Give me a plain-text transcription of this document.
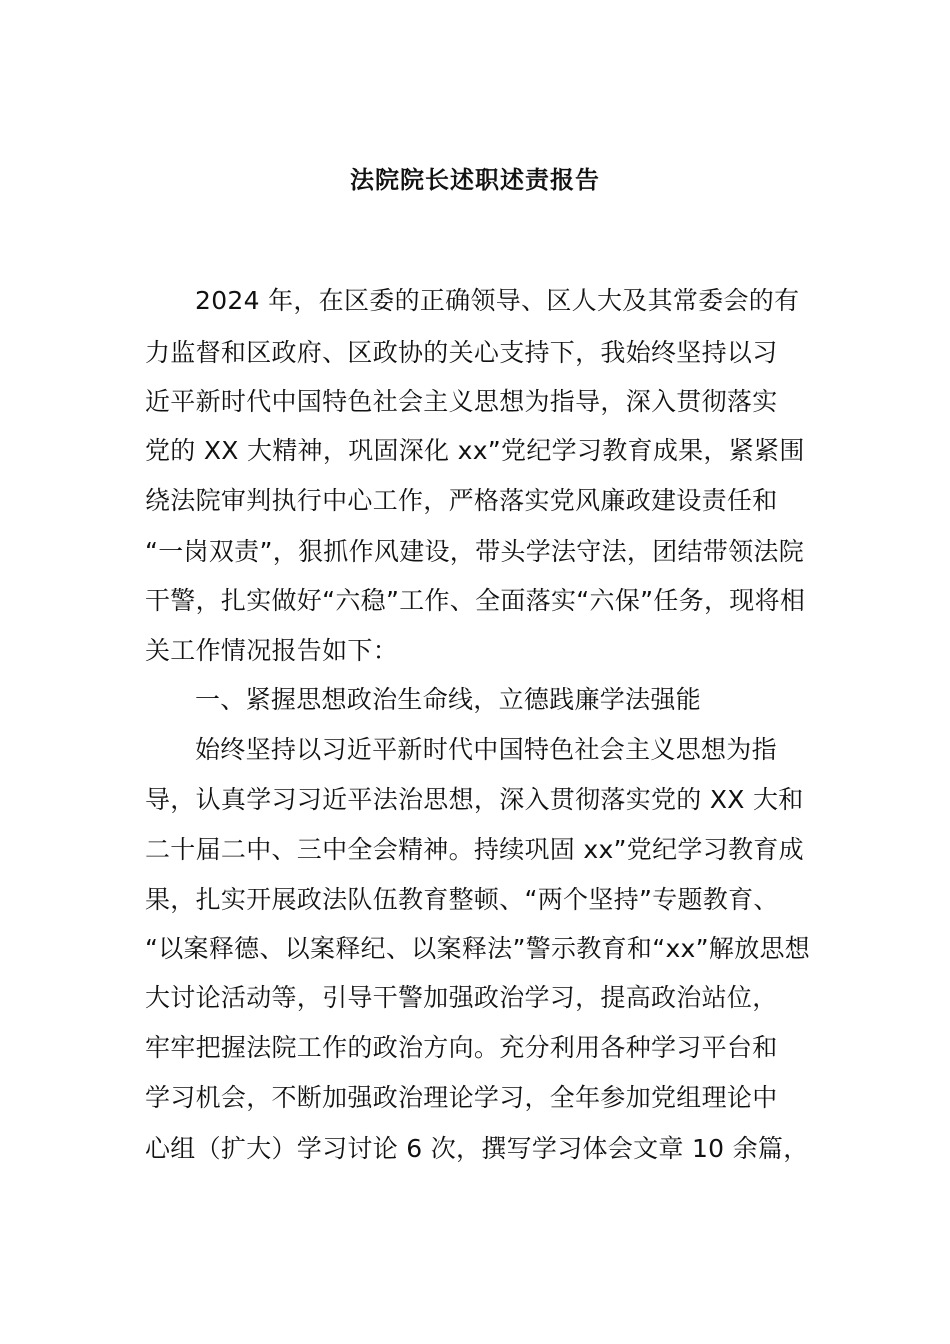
法院院长述职述责报告
2024 年，在区委的正确领导、区人大及其常委会的有
力监督和区政府、区政协的关心支持下，我始终坚持以习
近平新时代中国特色社会主义思想为指导，深入贯彻落实
党的 XX 大精神，巩固深化 xx”党纪学习教育成果，紧紧围
绕法院审判执行中心工作，严格落实党风廉政建设责任和
“一岗双责”，狠抓作风建设，带头学法守法，团结带领法院
干警，扎实做好“六稳”工作、全面落实“六保”任务，现将相
关工作情况报告如下：
一、紧握思想政治生命线，立德践廉学法强能
始终坚持以习近平新时代中国特色社会主义思想为指
导，认真学习习近平法治思想，深入贯彻落实党的 XX 大和
二十届二中、三中全会精神。持续巩固 xx”党纪学习教育成
果，扎实开展政法队伍教育整顿、“两个坚持”专题教育、
“以案释德、以案释纪、以案释法”警示教育和“xx”解放思想
大讨论活动等，引导干警加强政治学习，提高政治站位，
牢牢把握法院工作的政治方向。充分利用各种学习平台和
学习机会，不断加强政治理论学习，全年参加党组理论中
心组（扩大）学习讨论 6 次，撰写学习体会文章 10 余篇，
